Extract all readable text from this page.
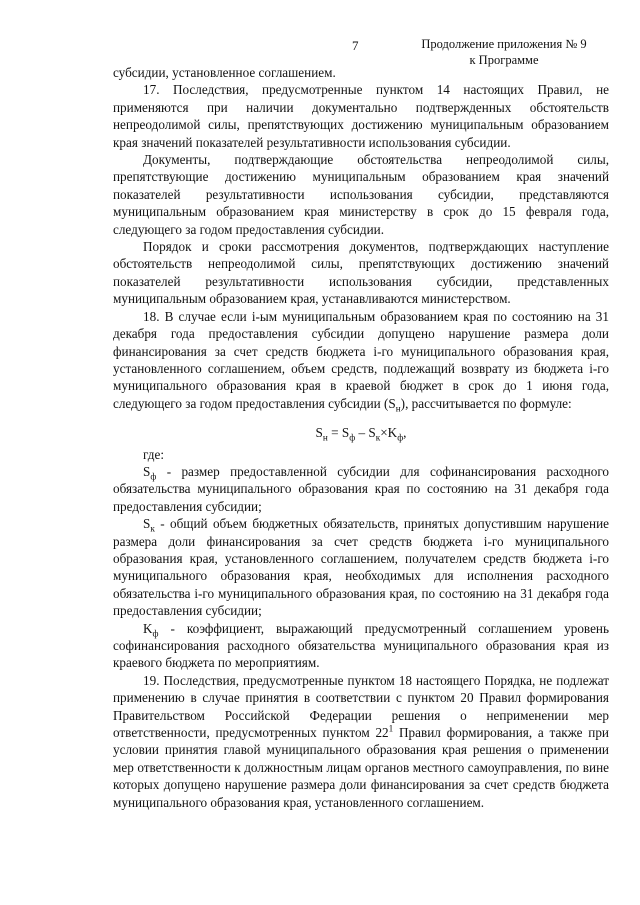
7	Продолжение приложения № 9
к Программе

субсидии, установленное соглашением.

17. Последствия, предусмотренные пунктом 14 настоящих Правил, не применяются при наличии документально подтвержденных обстоятельств непреодолимой силы, препятствующих достижению муниципальным образованием края значений показателей результативности использования субсидии.

Документы, подтверждающие обстоятельства непреодолимой силы, препятствующие достижению муниципальным образованием края значений показателей результативности использования субсидии, представляются муниципальным образованием края министерству в срок до 15 февраля года, следующего за годом предоставления субсидии.

Порядок и сроки рассмотрения документов, подтверждающих наступление обстоятельств непреодолимой силы, препятствующих достижению значений показателей результативности использования субсидии, представленных муниципальным образованием края, устанавливаются министерством.

18. В случае если i-ым муниципальным образованием края по состоянию на 31 декабря года предоставления субсидии допущено нарушение размера доли финансирования за счет средств бюджета i-го муниципального образования края, установленного соглашением, объем средств, подлежащий возврату из бюджета i-го муниципального образования края в краевой бюджет в срок до 1 июня года, следующего за годом предоставления субсидии $(S_н)$, рассчитывается по формуле:

$S_н = S_ф - S_к\times K_ф$,

где:

$S_ф$ - размер предоставленной субсидии для софинансирования расходного обязательства муниципального образования края по состоянию на 31 декабря года предоставления субсидии;

$S_к$ - общий объем бюджетных обязательств, принятых допустившим нарушение размера доли финансирования за счет средств бюджета i-го муниципального образования края, установленного соглашением, получателем средств бюджета i-го муниципального образования края, необходимых для исполнения расходного обязательства i-го муниципального образования края, по состоянию на 31 декабря года предоставления субсидии;

$K_ф$ - коэффициент, выражающий предусмотренный соглашением уровень софинансирования расходного обязательства муниципального образования края из краевого бюджета по мероприятиям.

19. Последствия, предусмотренные пунктом 18 настоящего Порядка, не подлежат применению в случае принятия в соответствии с пунктом 20 Правил формирования Правительством Российской Федерации решения о неприменении мер ответственности, предусмотренных пунктом $22^1$ Правил формирования, а также при условии принятия главой муниципального образования края решения о применении мер ответственности к должностным лицам органов местного самоуправления, по вине которых допущено нарушение размера доли финансирования за счет средств бюджета муниципального образования края, установленного соглашением.
